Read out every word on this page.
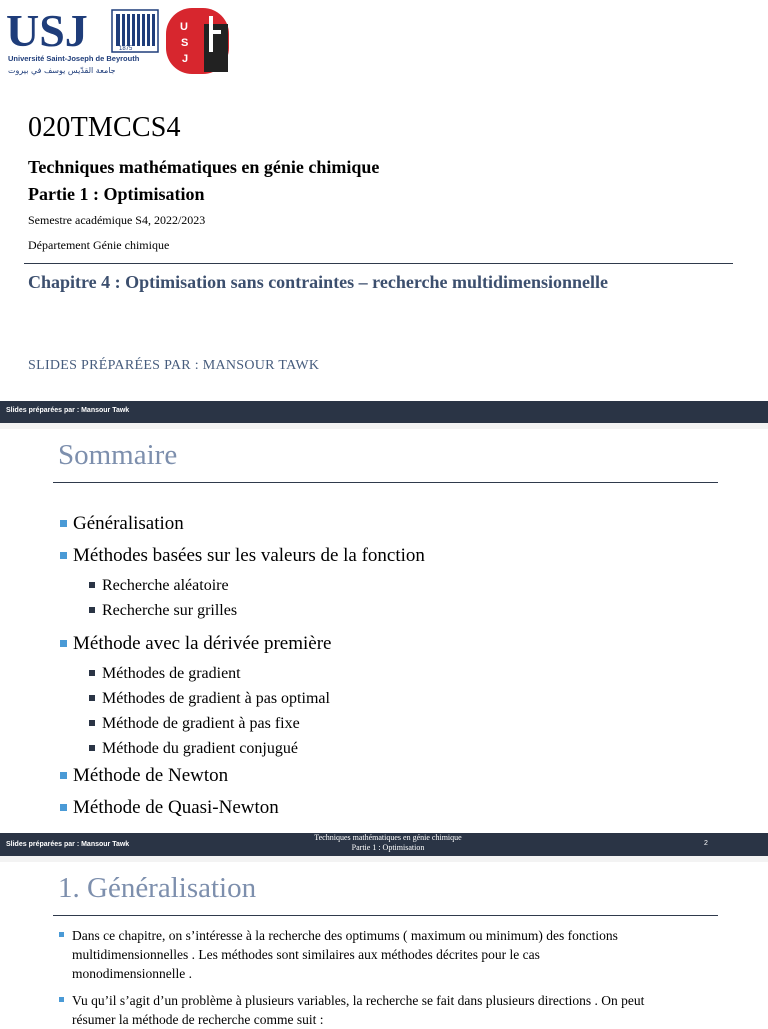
USJ	1875
Université Saint-Joseph de Beyrouth
جامعة القدّيس يوسف في بيروت
U
S
J
020TMCCS4
Techniques mathématiques en génie chimique
Partie 1 : Optimisation
Semestre académique S4, 2022/2023
Département Génie chimique
Chapitre 4 : Optimisation sans contraintes – recherche multidimensionnelle
SLIDES PRÉPARÉES PAR : MANSOUR TAWK
Slides préparées par : Mansour Tawk
Sommaire
Généralisation
Méthodes basées sur les valeurs de la fonction
Recherche aléatoire
Recherche sur grilles
Méthode avec la dérivée première
Méthodes de gradient
Méthodes de gradient à pas optimal
Méthode de gradient à pas fixe
Méthode du gradient conjugué
Méthode de Newton
Méthode de Quasi-Newton
Slides préparées par : Mansour Tawk
Techniques mathématiques en génie chimique
Partie 1 : Optimisation	2
1. Généralisation
Dans ce chapitre, on s’intéresse à la recherche des optimums ( maximum ou minimum) des fonctions
multidimensionnelles . Les méthodes sont similaires aux méthodes décrites pour le cas
monodimensionnelle .
Vu qu’il s’agit d’un problème à plusieurs variables, la recherche se fait dans plusieurs directions . On peut
résumer la méthode de recherche comme suit :
